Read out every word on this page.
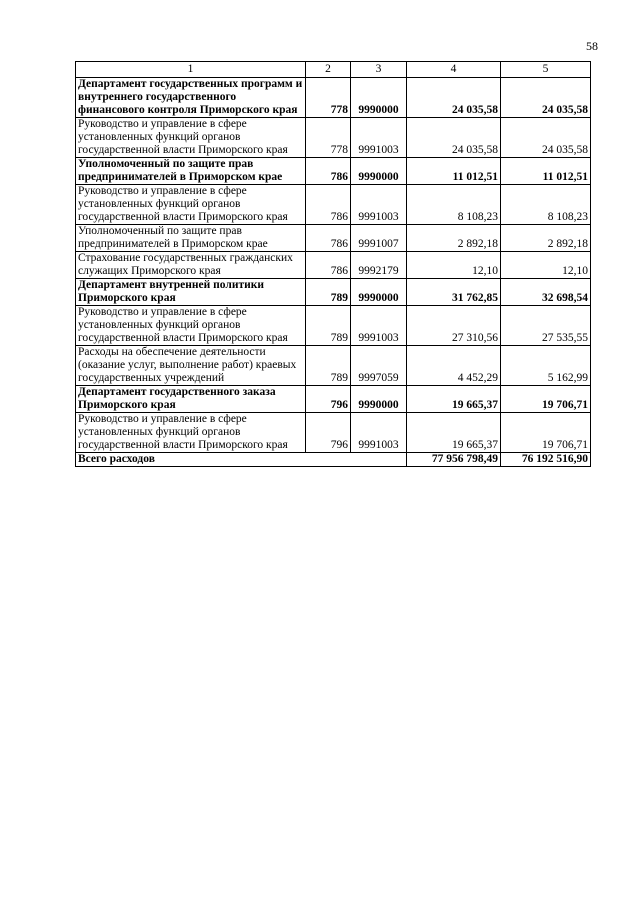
58
1	2	3	4	5
Департамент государственных программ и внутреннего государственного финансового контроля Приморского края	778	9990000	24 035,58	24 035,58
Руководство и управление в сфере установленных функций органов государственной власти Приморского края	778	9991003	24 035,58	24 035,58
Уполномоченный по защите прав предпринимателей в Приморском крае	786	9990000	11 012,51	11 012,51
Руководство и управление в сфере установленных функций органов государственной власти Приморского края	786	9991003	8 108,23	8 108,23
Уполномоченный по защите прав предпринимателей в Приморском крае	786	9991007	2 892,18	2 892,18
Страхование государственных гражданских служащих Приморского края	786	9992179	12,10	12,10
Департамент внутренней политики Приморского края	789	9990000	31 762,85	32 698,54
Руководство и управление в сфере установленных функций органов государственной власти Приморского края	789	9991003	27 310,56	27 535,55
Расходы на обеспечение деятельности (оказание услуг, выполнение работ) краевых государственных учреждений	789	9997059	4 452,29	5 162,99
Департамент государственного заказа Приморского края	796	9990000	19 665,37	19 706,71
Руководство и управление в сфере установленных функций органов государственной власти Приморского края	796	9991003	19 665,37	19 706,71
Всего расходов			77 956 798,49	76 192 516,90
